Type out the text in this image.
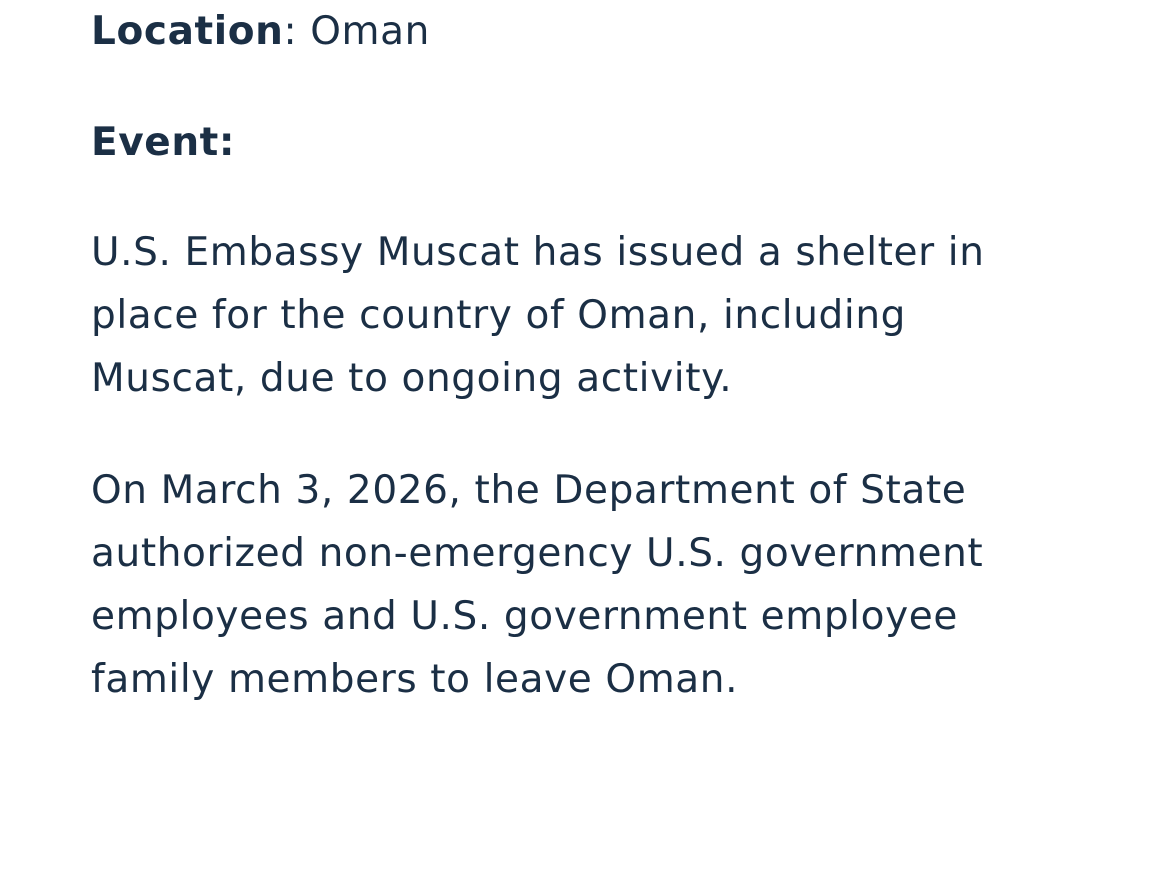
Location: Oman
Event:

U.S. Embassy Muscat has issued a shelter in
place for the country of Oman, including
Muscat, due to ongoing activity.

On March 3, 2026, the Department of State
authorized non-emergency U.S. government
employees and U.S. government employee
family members to leave Oman.
